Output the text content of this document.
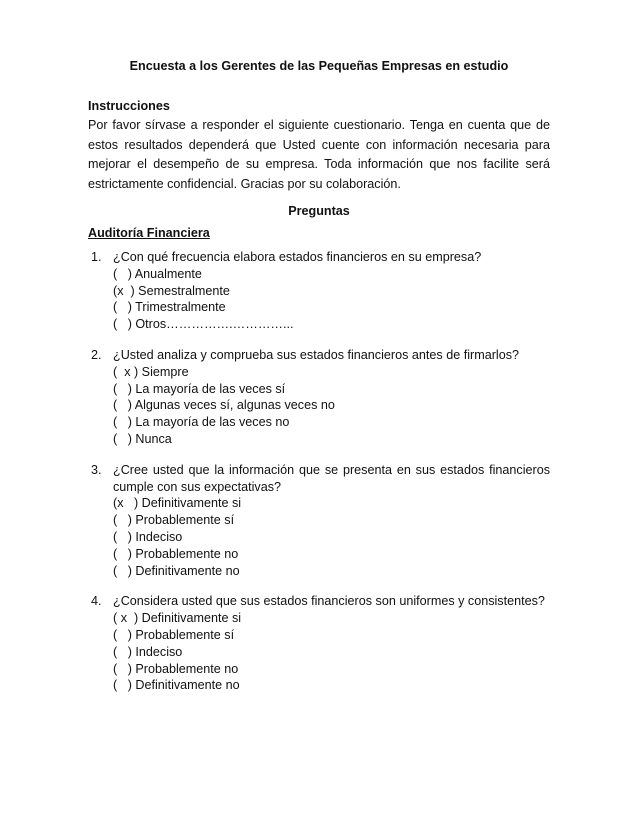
Encuesta a los Gerentes de las Pequeñas Empresas en estudio

Instrucciones

Por favor sírvase a responder el siguiente cuestionario. Tenga en cuenta que de estos resultados dependerá que Usted cuente con información necesaria para mejorar el desempeño de su empresa. Toda información que nos facilite será estrictamente confidencial. Gracias por su colaboración.

Preguntas

Auditoría Financiera

1. ¿Con qué frecuencia elabora estados financieros en su empresa?
(   ) Anualmente
(x  ) Semestralmente
(   ) Trimestralmente
(   ) Otros…………….…………...
2. ¿Usted analiza y comprueba sus estados financieros antes de firmarlos?
(  x ) Siempre
(   ) La mayoría de las veces sí
(   ) Algunas veces sí, algunas veces no
(   ) La mayoría de las veces no
(   ) Nunca
3. ¿Cree usted que la información que se presenta en sus estados financieros cumple con sus expectativas?
(x   ) Definitivamente si
(   ) Probablemente sí
(   ) Indeciso
(   ) Probablemente no
(   ) Definitivamente no
4. ¿Considera usted que sus estados financieros son uniformes y consistentes?
( x  ) Definitivamente si
(   ) Probablemente sí
(   ) Indeciso
(   ) Probablemente no
(   ) Definitivamente no
